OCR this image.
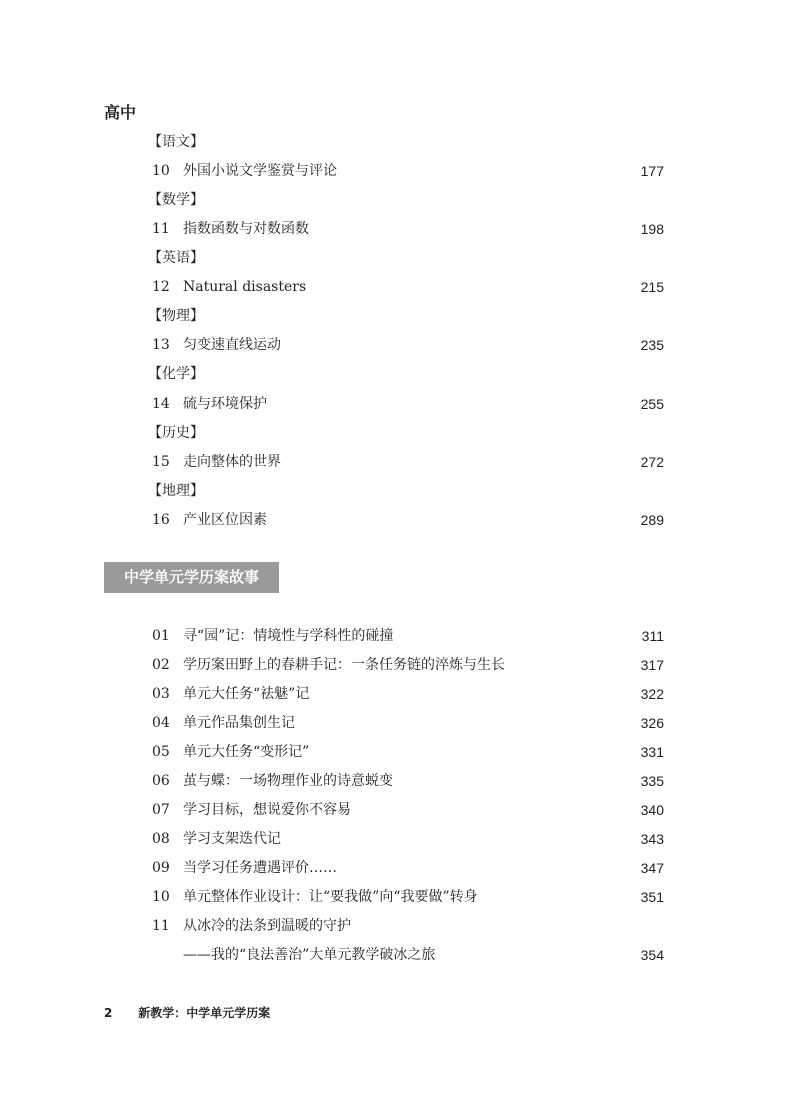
高中
【语文】
10 外国小说文学鉴赏与评论	177
【数学】
11 指数函数与对数函数	198
【英语】
12 Natural disasters	215
【物理】
13 匀变速直线运动	235
【化学】
14 硫与环境保护	255
【历史】
15 走向整体的世界	272
【地理】
16 产业区位因素	289
中学单元学历案故事
01 寻“园”记：情境性与学科性的碰撞	311
02 学历案田野上的春耕手记：一条任务链的淬炼与生长	317
03 单元大任务“祛魅”记	322
04 单元作品集创生记	326
05 单元大任务“变形记”	331
06 茧与蝶：一场物理作业的诗意蜕变	335
07 学习目标，想说爱你不容易	340
08 学习支架迭代记	343
09 当学习任务遭遇评价……	347
10 单元整体作业设计：让“要我做”向“我要做”转身	351
11 从冰冷的法条到温暖的守护
——我的“良法善治”大单元教学破冰之旅	354
2 新教学：中学单元学历案
